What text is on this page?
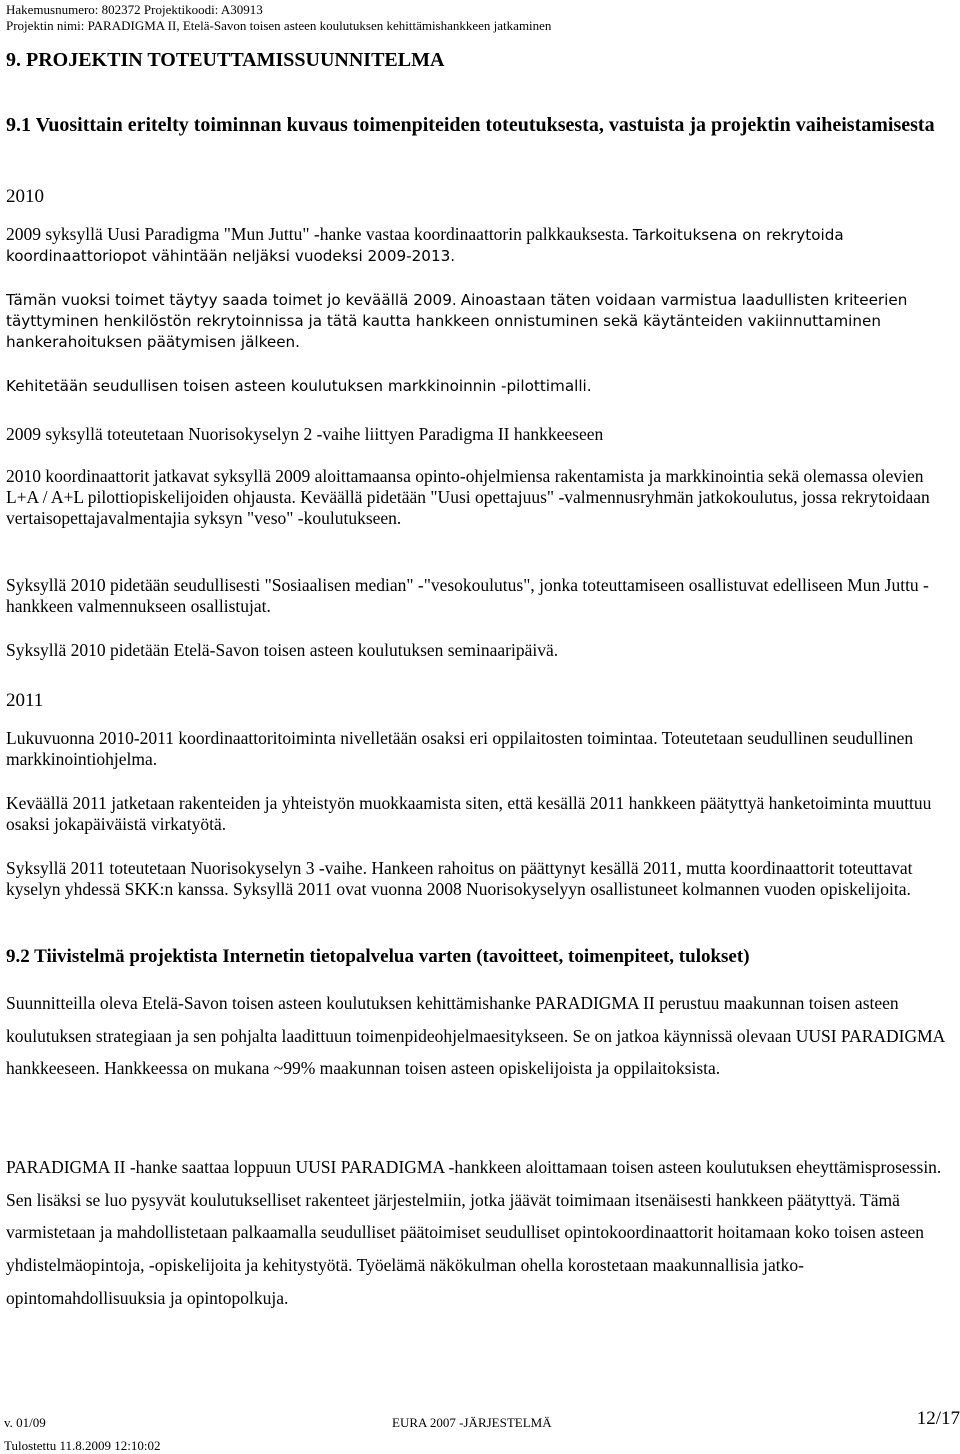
Hakemusnumero: 802372 Projektikoodi: A30913
Projektin nimi: PARADIGMA II, Etelä-Savon toisen asteen koulutuksen kehittämishankkeen jatkaminen
9. PROJEKTIN TOTEUTTAMISSUUNNITELMA
9.1 Vuosittain eritelty toiminnan kuvaus toimenpiteiden toteutuksesta, vastuista ja projektin vaiheistamisesta
2010

2009 syksyllä Uusi Paradigma "Mun Juttu" -hanke vastaa koordinaattorin palkkauksesta. Tarkoituksena on rekrytoida koordinaattoriopot vähintään neljäksi vuodeksi 2009-2013.
Tämän vuoksi toimet täytyy saada toimet jo keväällä 2009. Ainoastaan täten voidaan varmistua laadullisten kriteerien täyttyminen henkilöstön rekrytoinnissa ja tätä kautta hankkeen onnistuminen sekä käytänteiden vakiinnuttaminen hankerahoituksen päätymisen jälkeen.
Kehitetään seudullisen toisen asteen koulutuksen markkinoinnin -pilottimalli.

2009 syksyllä toteutetaan Nuorisokyselyn 2 -vaihe liittyen Paradigma II hankkeeseen

2010 koordinaattorit jatkavat syksyllä 2009 aloittamaansa opinto-ohjelmiensa rakentamista ja markkinointia sekä olemassa olevien L+A / A+L pilottiopiskelijoiden ohjausta. Keväällä pidetään "Uusi opettajuus" -valmennusryhmän jatkokoulutus, jossa rekrytoidaan vertaisopettajavalmentajia syksyn "veso" -koulutukseen.

Syksyllä 2010 pidetään seudullisesti "Sosiaalisen median" -"vesokoulutus", jonka toteuttamiseen osallistuvat edelliseen Mun Juttu -hankkeen valmennukseen osallistujat.

Syksyllä 2010 pidetään Etelä-Savon toisen asteen koulutuksen seminaaripäivä.

2011

Lukuvuonna 2010-2011 koordinaattoritoiminta nivelletään osaksi eri oppilaitosten toimintaa. Toteutetaan seudullinen seudullinen markkinointiohjelma.

Keväällä 2011 jatketaan rakenteiden ja yhteistyön muokkaamista siten, että kesällä 2011 hankkeen päätyttyä hanketoiminta muuttuu osaksi jokapäiväistä virkatyötä.

Syksyllä 2011 toteutetaan Nuorisokyselyn 3 -vaihe. Hankeen rahoitus on päättynyt kesällä 2011, mutta koordinaattorit toteuttavat kyselyn yhdessä SKK:n kanssa. Syksyllä 2011 ovat vuonna 2008 Nuorisokyselyyn osallistuneet kolmannen vuoden opiskelijoita.

9.2 Tiivistelmä projektista Internetin tietopalvelua varten (tavoitteet, toimenpiteet, tulokset)

Suunnitteilla oleva Etelä-Savon toisen asteen koulutuksen kehittämishanke PARADIGMA II perustuu maakunnan toisen asteen koulutuksen strategiaan ja sen pohjalta laadittuun toimenpideohjelmaesitykseen. Se on jatkoa käynnissä olevaan UUSI PARADIGMA hankkeeseen. Hankkeessa on mukana ~99% maakunnan toisen asteen opiskelijoista ja oppilaitoksista.

PARADIGMA II -hanke saattaa loppuun UUSI PARADIGMA -hankkeen aloittamaan toisen asteen koulutuksen eheyttämisprosessin. Sen lisäksi se luo pysyvät koulutukselliset rakenteet järjestelmiin, jotka jäävät toimimaan itsenäisesti hankkeen päätyttyä. Tämä varmistetaan ja mahdollistetaan palkaamalla seudulliset päätoimiset seudulliset opintokoordinaattorit hoitamaan koko toisen asteen yhdistelmäopintoja, -opiskelijoita ja kehitystyötä. Työelämä näkökulman ohella korostetaan maakunnallisia jatko-opintomahdollisuuksia ja opintopolkuja.

v. 01/09	EURA 2007 -JÄRJESTELMÄ	12/17
Tulostettu 11.8.2009 12:10:02
